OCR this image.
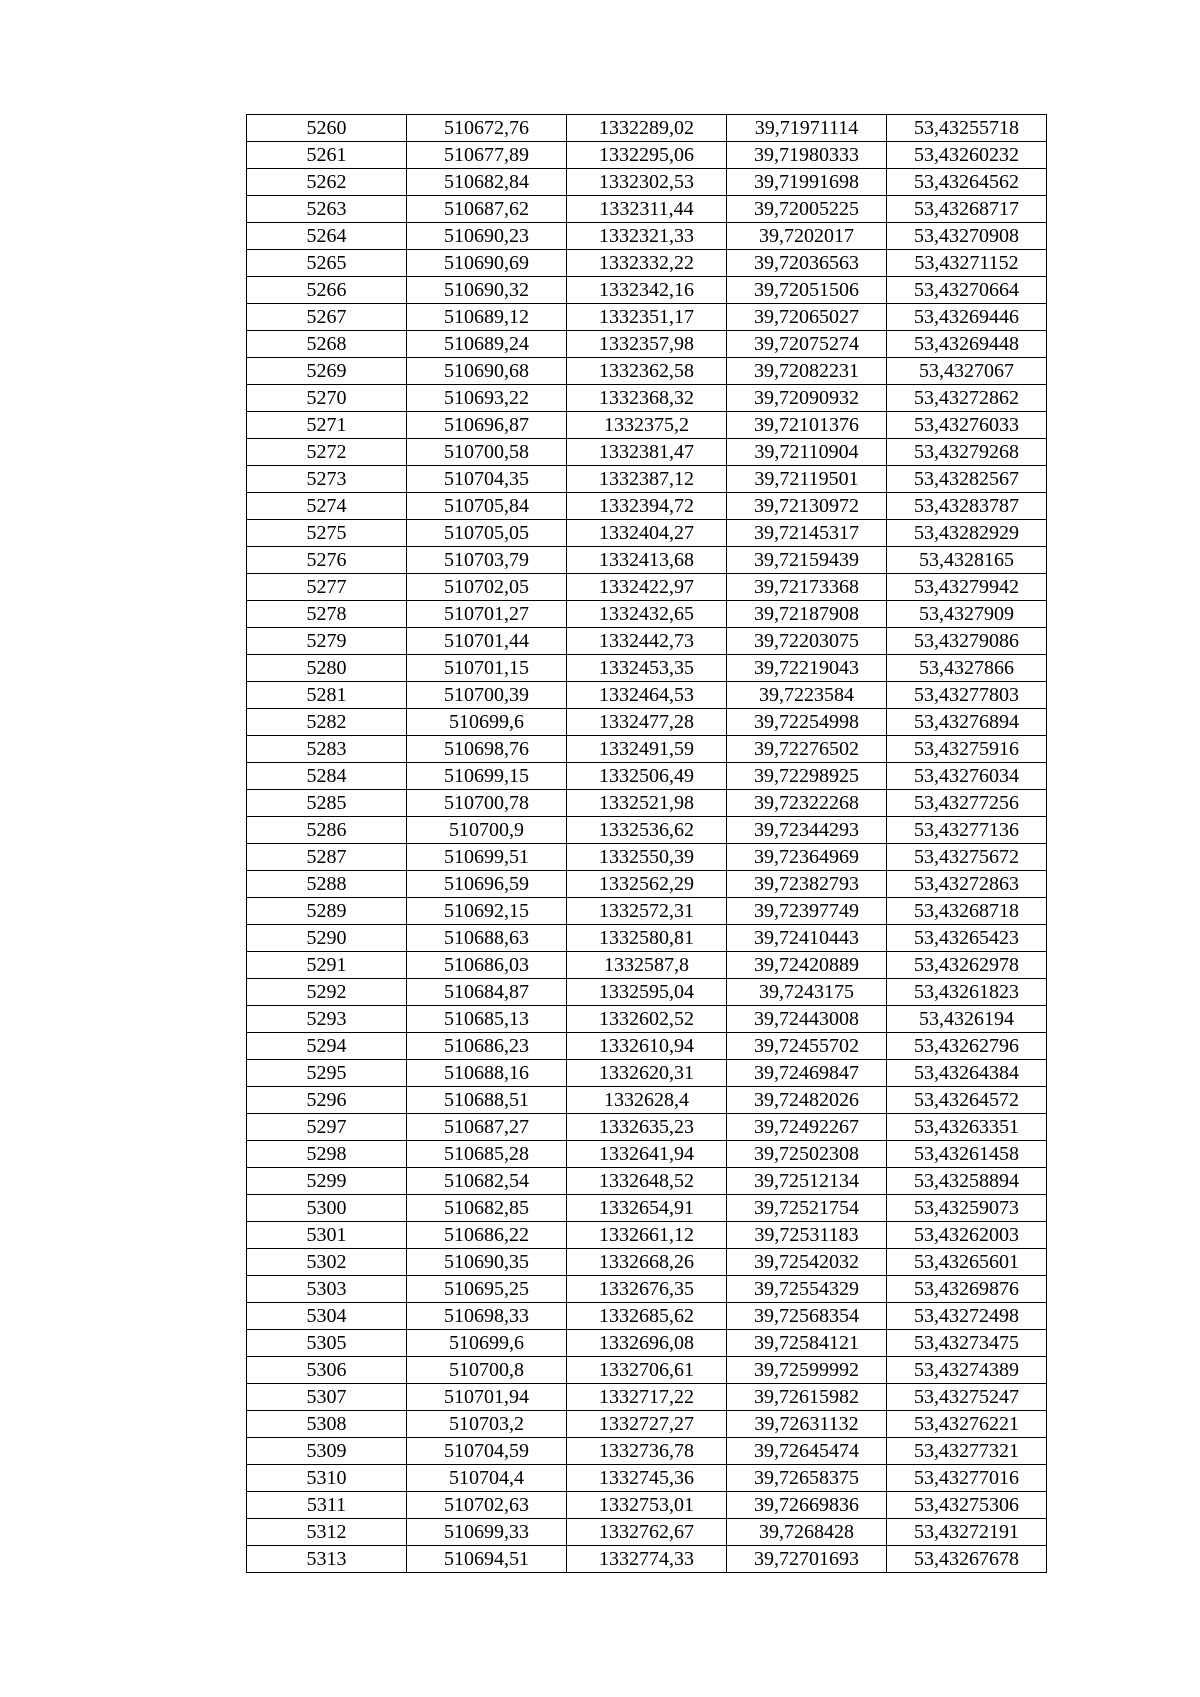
5260	510672,76	1332289,02	39,71971114	53,43255718
5261	510677,89	1332295,06	39,71980333	53,43260232
5262	510682,84	1332302,53	39,71991698	53,43264562
5263	510687,62	1332311,44	39,72005225	53,43268717
5264	510690,23	1332321,33	39,7202017	53,43270908
5265	510690,69	1332332,22	39,72036563	53,43271152
5266	510690,32	1332342,16	39,72051506	53,43270664
5267	510689,12	1332351,17	39,72065027	53,43269446
5268	510689,24	1332357,98	39,72075274	53,43269448
5269	510690,68	1332362,58	39,72082231	53,4327067
5270	510693,22	1332368,32	39,72090932	53,43272862
5271	510696,87	1332375,2	39,72101376	53,43276033
5272	510700,58	1332381,47	39,72110904	53,43279268
5273	510704,35	1332387,12	39,72119501	53,43282567
5274	510705,84	1332394,72	39,72130972	53,43283787
5275	510705,05	1332404,27	39,72145317	53,43282929
5276	510703,79	1332413,68	39,72159439	53,4328165
5277	510702,05	1332422,97	39,72173368	53,43279942
5278	510701,27	1332432,65	39,72187908	53,4327909
5279	510701,44	1332442,73	39,72203075	53,43279086
5280	510701,15	1332453,35	39,72219043	53,4327866
5281	510700,39	1332464,53	39,7223584	53,43277803
5282	510699,6	1332477,28	39,72254998	53,43276894
5283	510698,76	1332491,59	39,72276502	53,43275916
5284	510699,15	1332506,49	39,72298925	53,43276034
5285	510700,78	1332521,98	39,72322268	53,43277256
5286	510700,9	1332536,62	39,72344293	53,43277136
5287	510699,51	1332550,39	39,72364969	53,43275672
5288	510696,59	1332562,29	39,72382793	53,43272863
5289	510692,15	1332572,31	39,72397749	53,43268718
5290	510688,63	1332580,81	39,72410443	53,43265423
5291	510686,03	1332587,8	39,72420889	53,43262978
5292	510684,87	1332595,04	39,7243175	53,43261823
5293	510685,13	1332602,52	39,72443008	53,4326194
5294	510686,23	1332610,94	39,72455702	53,43262796
5295	510688,16	1332620,31	39,72469847	53,43264384
5296	510688,51	1332628,4	39,72482026	53,43264572
5297	510687,27	1332635,23	39,72492267	53,43263351
5298	510685,28	1332641,94	39,72502308	53,43261458
5299	510682,54	1332648,52	39,72512134	53,43258894
5300	510682,85	1332654,91	39,72521754	53,43259073
5301	510686,22	1332661,12	39,72531183	53,43262003
5302	510690,35	1332668,26	39,72542032	53,43265601
5303	510695,25	1332676,35	39,72554329	53,43269876
5304	510698,33	1332685,62	39,72568354	53,43272498
5305	510699,6	1332696,08	39,72584121	53,43273475
5306	510700,8	1332706,61	39,72599992	53,43274389
5307	510701,94	1332717,22	39,72615982	53,43275247
5308	510703,2	1332727,27	39,72631132	53,43276221
5309	510704,59	1332736,78	39,72645474	53,43277321
5310	510704,4	1332745,36	39,72658375	53,43277016
5311	510702,63	1332753,01	39,72669836	53,43275306
5312	510699,33	1332762,67	39,7268428	53,43272191
5313	510694,51	1332774,33	39,72701693	53,43267678
